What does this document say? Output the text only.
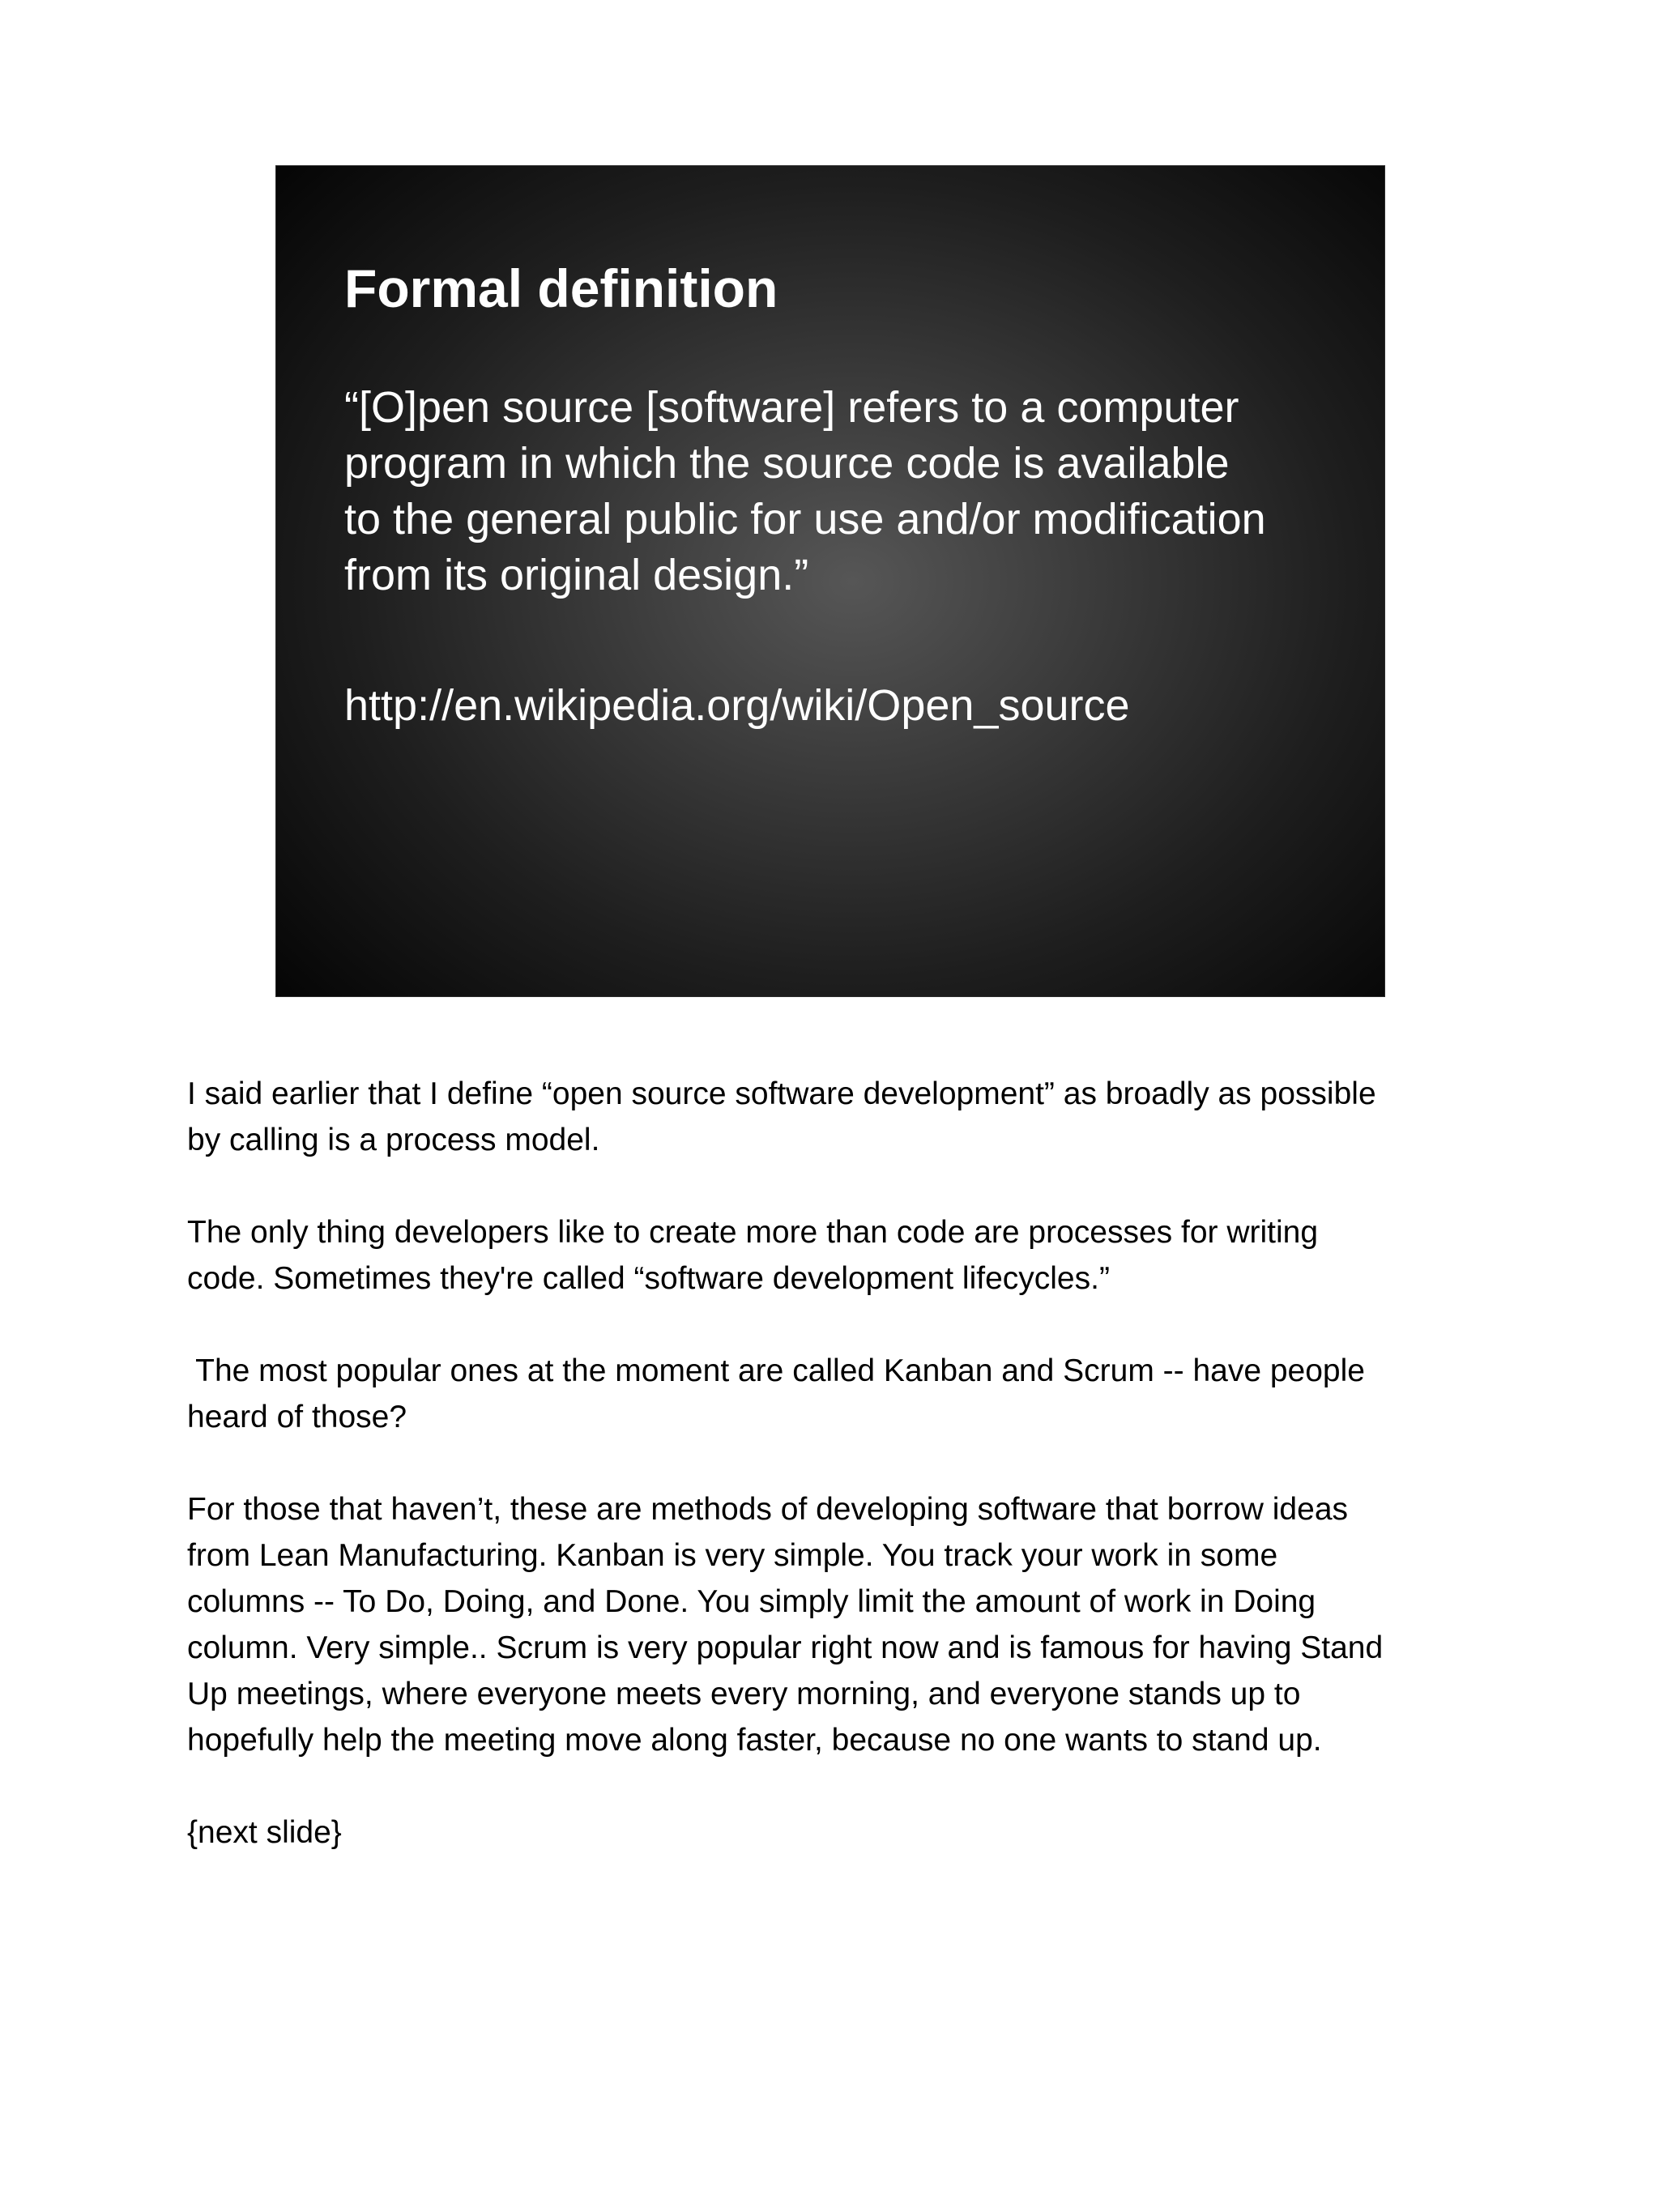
Formal definition

“[O]pen source [software] refers to a computer
program in which the source code is available
to the general public for use and/or modification
from its original design.”

http://en.wikipedia.org/wiki/Open_source

I said earlier that I define “open source software development” as broadly as possible
by calling is a process model.

The only thing developers like to create more than code are processes for writing
code. Sometimes they're called “software development lifecycles.”

The most popular ones at the moment are called Kanban and Scrum -- have people
heard of those?

For those that haven’t, these are methods of developing software that borrow ideas
from Lean Manufacturing. Kanban is very simple. You track your work in some
columns -- To Do, Doing, and Done. You simply limit the amount of work in Doing
column. Very simple.. Scrum is very popular right now and is famous for having Stand
Up meetings, where everyone meets every morning, and everyone stands up to
hopefully help the meeting move along faster, because no one wants to stand up.

{next slide}
